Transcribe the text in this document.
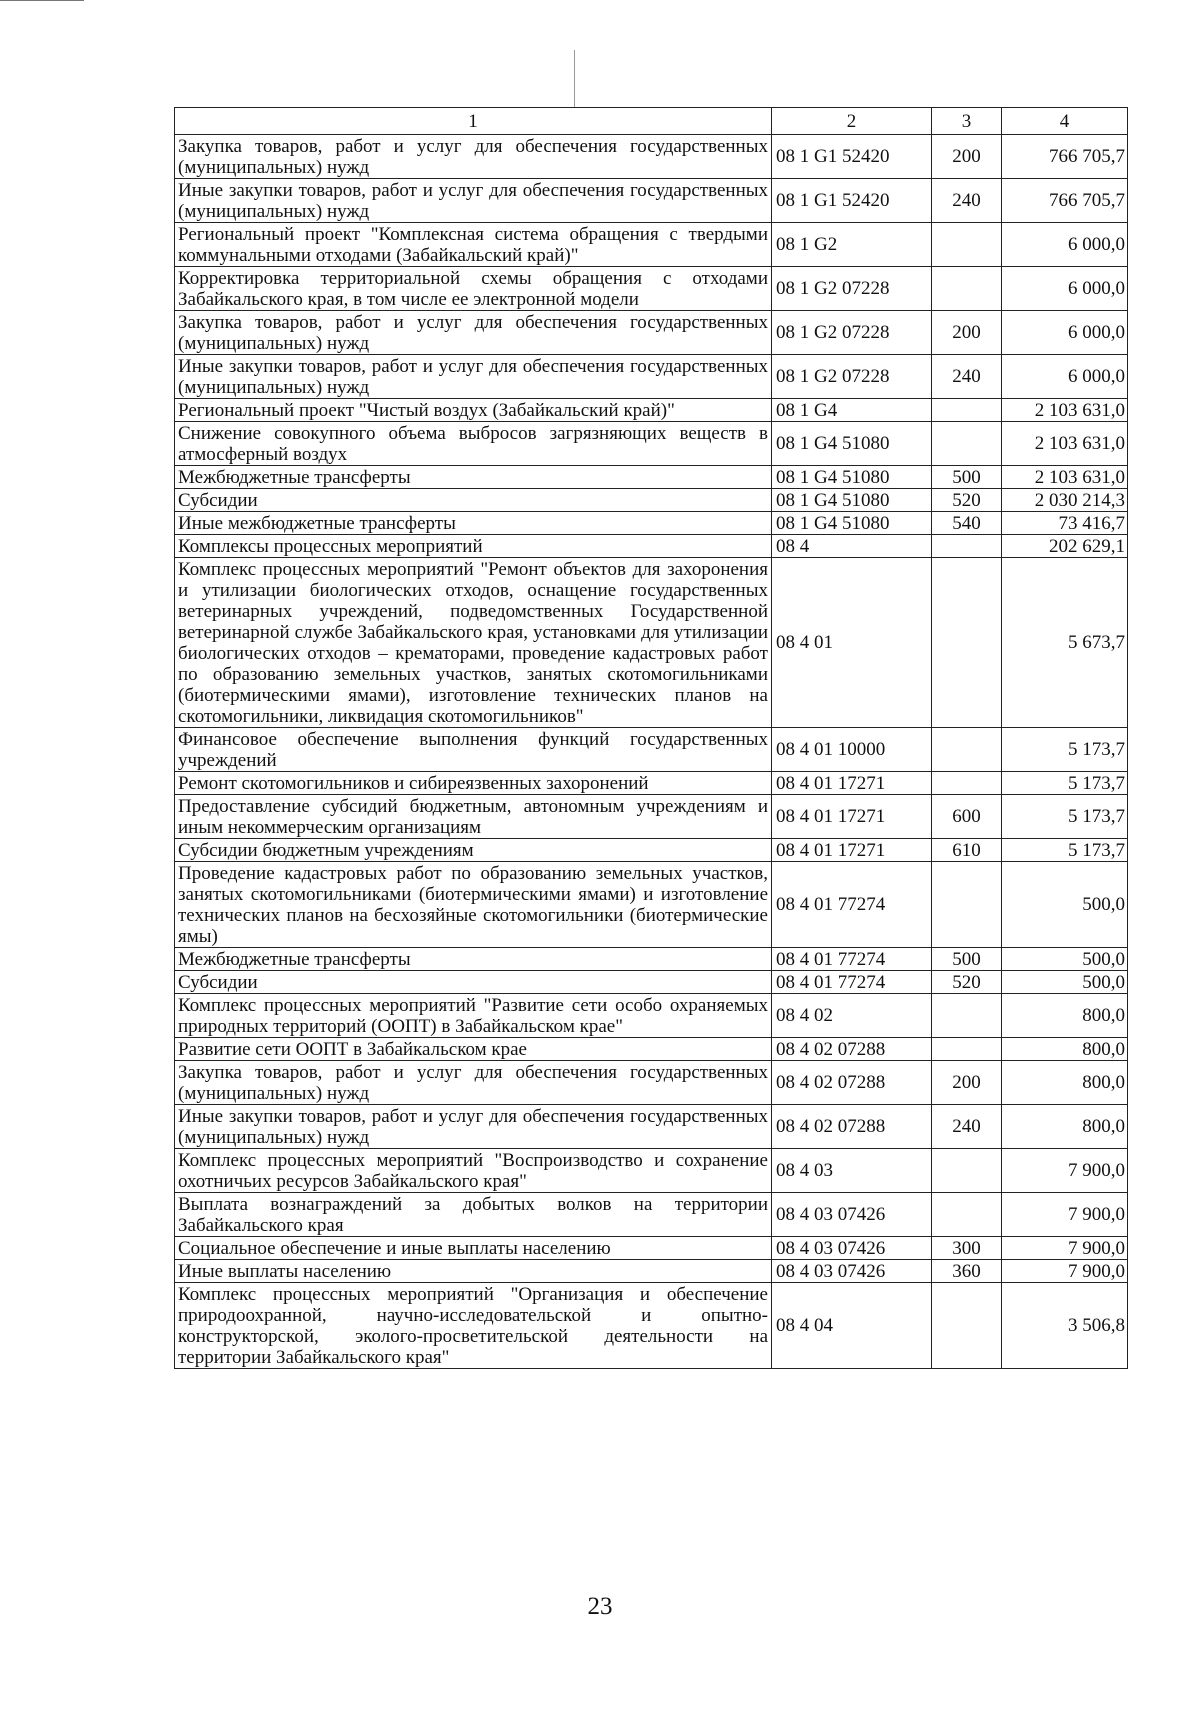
1	2	3	4
Закупка товаров, работ и услуг для обеспечения государственных (муниципальных) нужд	08 1 G1 52420	200	766 705,7
Иные закупки товаров, работ и услуг для обеспечения государственных (муниципальных) нужд	08 1 G1 52420	240	766 705,7
Региональный проект "Комплексная система обращения с твердыми коммунальными отходами (Забайкальский край)"	08 1 G2		6 000,0
Корректировка территориальной схемы обращения с отходами Забайкальского края, в том числе ее электронной модели	08 1 G2 07228		6 000,0
Закупка товаров, работ и услуг для обеспечения государственных (муниципальных) нужд	08 1 G2 07228	200	6 000,0
Иные закупки товаров, работ и услуг для обеспечения государственных (муниципальных) нужд	08 1 G2 07228	240	6 000,0
Региональный проект "Чистый воздух (Забайкальский край)"	08 1 G4		2 103 631,0
Снижение совокупного объема выбросов загрязняющих веществ в атмосферный воздух	08 1 G4 51080		2 103 631,0
Межбюджетные трансферты	08 1 G4 51080	500	2 103 631,0
Субсидии	08 1 G4 51080	520	2 030 214,3
Иные межбюджетные трансферты	08 1 G4 51080	540	73 416,7
Комплексы процессных мероприятий	08 4		202 629,1
Комплекс процессных мероприятий "Ремонт объектов для захоронения и утилизации биологических отходов, оснащение государственных ветеринарных учреждений, подведомственных Государственной ветеринарной службе Забайкальского края, установками для утилизации биологических отходов – крематорами, проведение кадастровых работ по образованию земельных участков, занятых скотомогильниками (биотермическими ямами), изготовление технических планов на скотомогильники, ликвидация скотомогильников"	08 4 01		5 673,7
Финансовое обеспечение выполнения функций государственных учреждений	08 4 01 10000		5 173,7
Ремонт скотомогильников и сибиреязвенных захоронений	08 4 01 17271		5 173,7
Предоставление субсидий бюджетным, автономным учреждениям и иным некоммерческим организациям	08 4 01 17271	600	5 173,7
Субсидии бюджетным учреждениям	08 4 01 17271	610	5 173,7
Проведение кадастровых работ по образованию земельных участков, занятых скотомогильниками (биотермическими ямами) и изготовление технических планов на бесхозяйные скотомогильники (биотермические ямы)	08 4 01 77274		500,0
Межбюджетные трансферты	08 4 01 77274	500	500,0
Субсидии	08 4 01 77274	520	500,0
Комплекс процессных мероприятий "Развитие сети особо охраняемых природных территорий (ООПТ) в Забайкальском крае"	08 4 02		800,0
Развитие сети ООПТ в Забайкальском крае	08 4 02 07288		800,0
Закупка товаров, работ и услуг для обеспечения государственных (муниципальных) нужд	08 4 02 07288	200	800,0
Иные закупки товаров, работ и услуг для обеспечения государственных (муниципальных) нужд	08 4 02 07288	240	800,0
Комплекс процессных мероприятий "Воспроизводство и сохранение охотничьих ресурсов Забайкальского края"	08 4 03		7 900,0
Выплата вознаграждений за добытых волков на территории Забайкальского края	08 4 03 07426		7 900,0
Социальное обеспечение и иные выплаты населению	08 4 03 07426	300	7 900,0
Иные выплаты населению	08 4 03 07426	360	7 900,0
Комплекс процессных мероприятий "Организация и обеспечение природоохранной, научно-исследовательской и опытно-конструкторской, эколого-просветительской деятельности на территории Забайкальского края"	08 4 04		3 506,8
23
